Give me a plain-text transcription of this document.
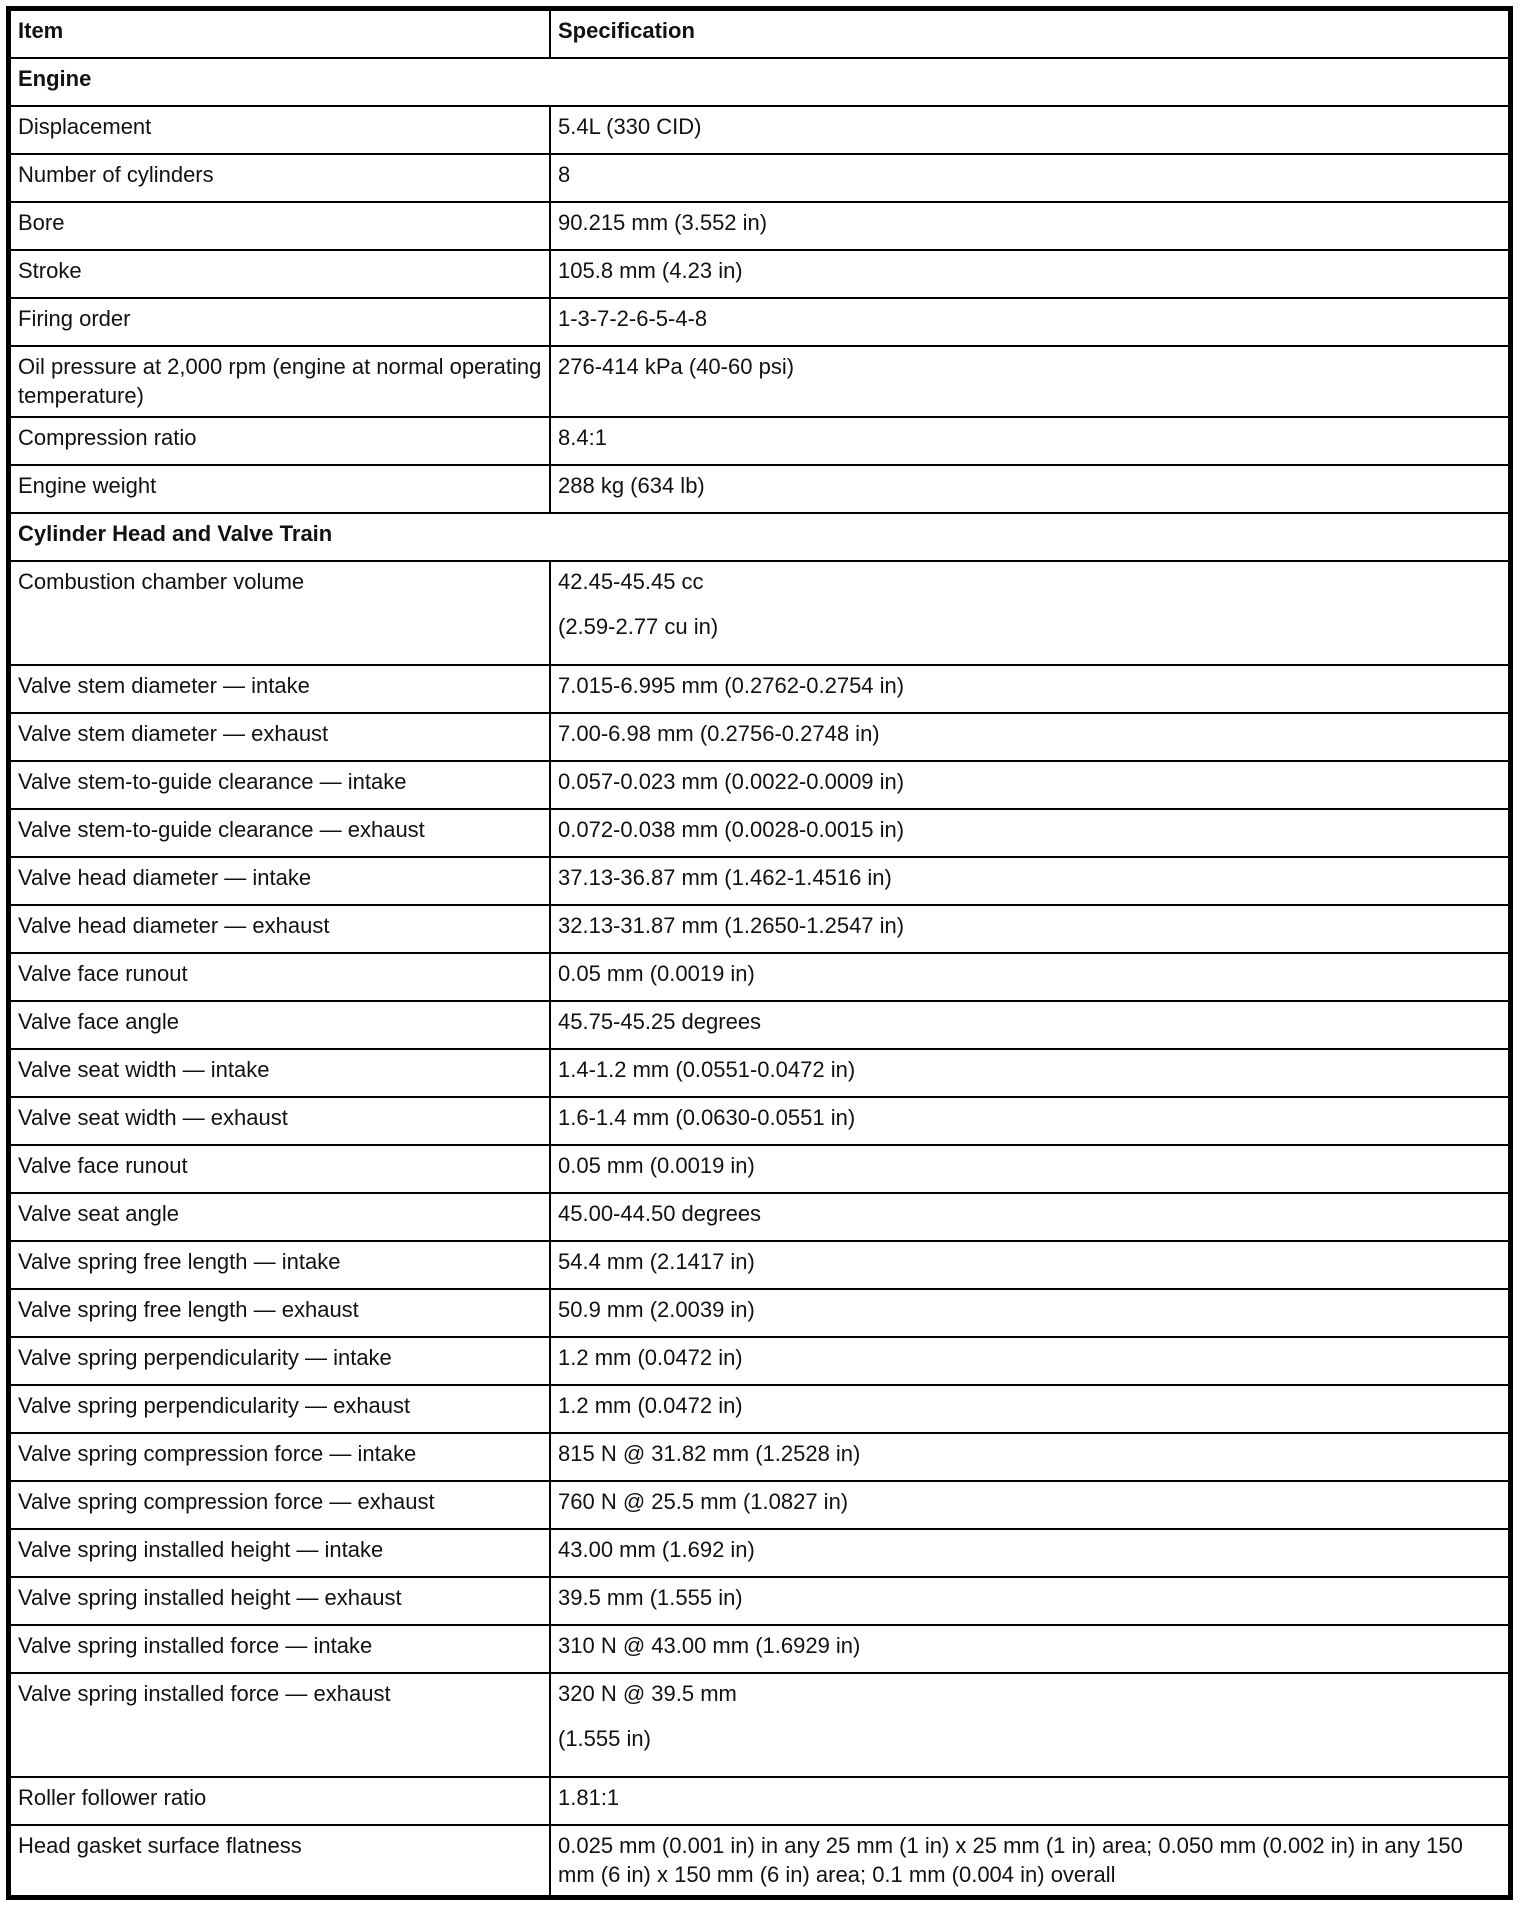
Item	Specification
Engine	
Displacement	5.4L (330 CID)
Number of cylinders	8
Bore	90.215 mm (3.552 in)
Stroke	105.8 mm (4.23 in)
Firing order	1-3-7-2-6-5-4-8
Oil pressure at 2,000 rpm (engine at normal operating temperature)	276-414 kPa (40-60 psi)
Compression ratio	8.4:1
Engine weight	288 kg (634 lb)
Cylinder Head and Valve Train	
Combustion chamber volume	42.45-45.45 cc
(2.59-2.77 cu in)

Valve stem diameter — intake	7.015-6.995 mm (0.2762-0.2754 in)
Valve stem diameter — exhaust	7.00-6.98 mm (0.2756-0.2748 in)
Valve stem-to-guide clearance — intake	0.057-0.023 mm (0.0022-0.0009 in)
Valve stem-to-guide clearance — exhaust	0.072-0.038 mm (0.0028-0.0015 in)
Valve head diameter — intake	37.13-36.87 mm (1.462-1.4516 in)
Valve head diameter — exhaust	32.13-31.87 mm (1.2650-1.2547 in)
Valve face runout	0.05 mm (0.0019 in)
Valve face angle	45.75-45.25 degrees
Valve seat width — intake	1.4-1.2 mm (0.0551-0.0472 in)
Valve seat width — exhaust	1.6-1.4 mm (0.0630-0.0551 in)
Valve face runout	0.05 mm (0.0019 in)
Valve seat angle	45.00-44.50 degrees
Valve spring free length — intake	54.4 mm (2.1417 in)
Valve spring free length — exhaust	50.9 mm (2.0039 in)
Valve spring perpendicularity — intake	1.2 mm (0.0472 in)
Valve spring perpendicularity — exhaust	1.2 mm (0.0472 in)
Valve spring compression force — intake	815 N @ 31.82 mm (1.2528 in)
Valve spring compression force — exhaust	760 N @ 25.5 mm (1.0827 in)
Valve spring installed height — intake	43.00 mm (1.692 in)
Valve spring installed height — exhaust	39.5 mm (1.555 in)
Valve spring installed force — intake	310 N @ 43.00 mm (1.6929 in)
Valve spring installed force — exhaust	320 N @ 39.5 mm
(1.555 in)

Roller follower ratio	1.81:1
Head gasket surface flatness	0.025 mm (0.001 in) in any 25 mm (1 in) x 25 mm (1 in) area; 0.050 mm (0.002 in) in any 150 mm (6 in) x 150 mm (6 in) area; 0.1 mm (0.004 in) overall
